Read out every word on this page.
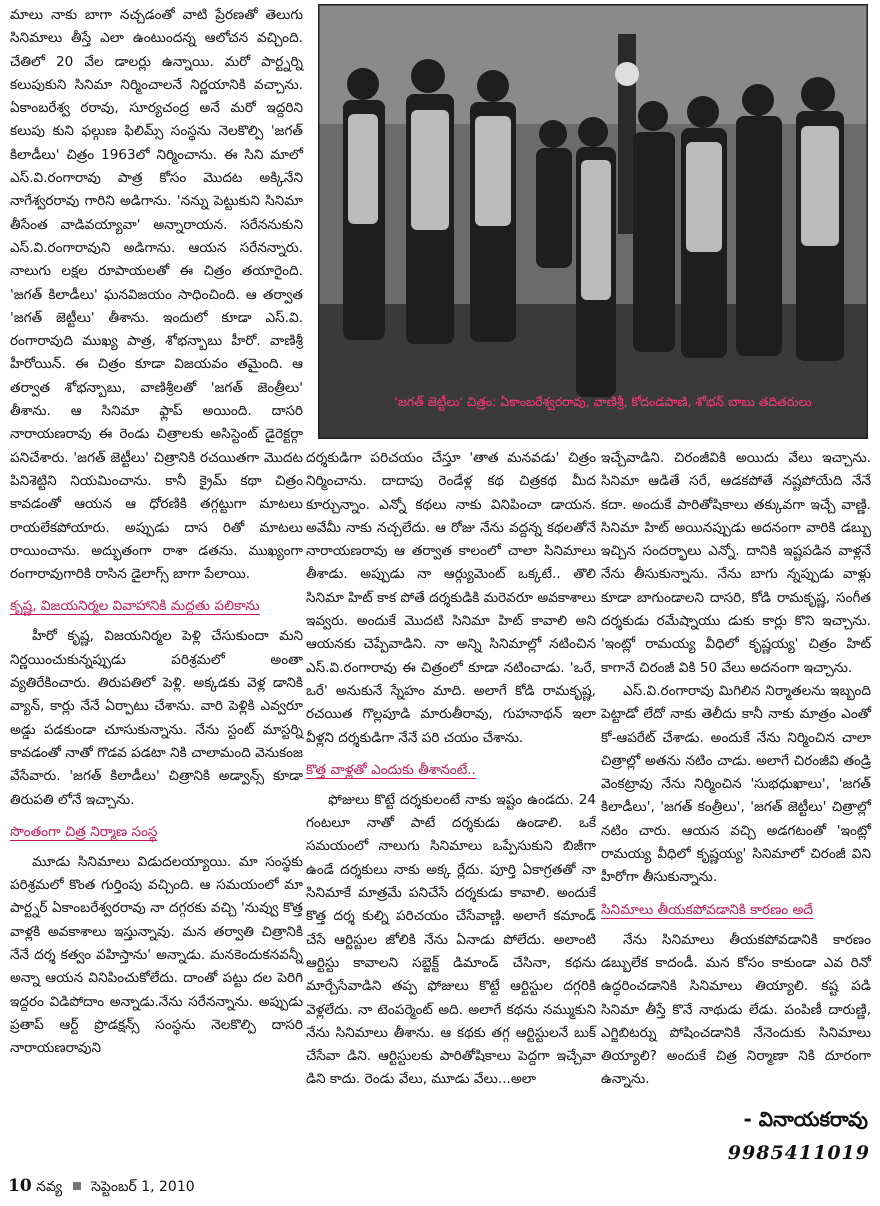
మాలు నాకు బాగా నచ్చడంతో వాటి ప్రేరణతో తెలుగు సినిమాలు తీస్తే ఎలా ఉంటుందన్న ఆలోచన వచ్చింది. చేతిలో 20 వేల డాలర్లు ఉన్నాయి. మరో పార్ట్నర్ని కలుపుకుని సినిమా నిర్మించాలనే నిర్ణయానికి వచ్చాను. ఏకాంబరేశ్వ రరావు, సూర్యచంద్ర అనే మరో ఇద్దరిని కలుపు కుని ఫల్గుణ ఫిలిమ్స్ సంస్థను నెలకొల్పి 'జగత్ కిలాడీలు' చిత్రం 1963లో నిర్మించాను. ఈ సిని మాలో ఎస్.వి.రంగారావు పాత్ర కోసం మొదట అక్కినేని నాగేశ్వరరావు గారిని అడిగాను. 'నన్ను పెట్టుకుని సినిమా తీసేంత వాడివయ్యావా' అన్నారాయన. సరేననుకుని ఎస్.వి.రంగారావుని అడిగాను. ఆయన సరేనన్నారు. నాలుగు లక్షల రూపాయలతో ఈ చిత్రం తయారైంది. 'జగత్ కిలాడీలు' ఘనవిజయం సాధించింది. ఆ తర్వాత 'జగత్ జెట్టీలు' తీశాను. ఇందులో కూడా ఎస్.వి. రంగారావుది ముఖ్య పాత్ర, శోభన్బాబు హీరో. వాణిశ్రీ హీరోయిన్. ఈ చిత్రం కూడా విజయవం తమైంది. ఆ తర్వాత శోభన్బాబు, వాణిశ్రీలతో 'జగత్ జెంత్రీలు' తీశాను. ఆ సినిమా ఫ్లాప్ అయింది. దాసరి నారాయణరావు ఈ రెండు చిత్రాలకు అసిస్టెంట్ డైరెక్టర్గా పనిచేశారు. 'జగత్ జెట్టీలు' చిత్రానికి రచయితగా మొదట పినిశెట్టిని నియమించాను. కానీ క్రైమ్ కథా చిత్రం కావడంతో ఆయన ఆ ధోరణికి తగ్గట్టుగా మాటలు రాయలేకపోయారు. అప్పుడు దాస రితో మాటలు రాయించాను. అద్భుతంగా రాశా డతను. ముఖ్యంగా రంగారావుగారికి రాసిన డైలాగ్స్ బాగా పేలాయి.

కృష్ణ, విజయనిర్మల వివాహానికి మద్దతు పలికాను

హీరో కృష్ణ, విజయనిర్మల పెళ్లి చేసుకుందా మని నిర్ణయించుకున్నప్పుడు పరిశ్రమలో అంతా వ్యతిరేకించారు. తిరుపతిలో పెళ్లి. అక్కడకు వెళ్ల డానికి వ్యాన్, కార్లు నేనే ఏర్పాటు చేశాను. వారి పెళ్లికి ఎవ్వరూ అడ్డు పడకుండా చూసుకున్నాను. నేను స్టంట్ మాస్టర్ని కావడంతో నాతో గొడవ పడటా నికి చాలామంది వెనుకంజ వేసేవారు. 'జగత్ కిలాడీలు' చిత్రానికి అడ్వాన్స్ కూడా తిరుపతి లోనే ఇచ్చాను.

సొంతంగా చిత్ర నిర్మాణ సంస్థ

మూడు సినిమాలు విడుదలయ్యాయి. మా సంస్థకు పరిశ్రమలో కొంత గుర్తింపు వచ్చింది. ఆ సమయంలో మా పార్ట్నర్ ఏకాంబరేశ్వరరావు నా దగ్గరకు వచ్చి 'నువ్వు కొత్త వాళ్లకి అవకాశాలు ఇస్తున్నావు. మన తర్వాతి చిత్రానికి నేనే దర్శ కత్వం వహిస్తాను' అన్నాడు. మనకెందుకనవన్నీ అన్నా ఆయన వినిపించుకోలేదు. దాంతో పట్టు దల పెరిగి ఇద్దరం విడిపోదాం అన్నాడు.నేను సరేనన్నాను. అప్పుడు ప్రతాప్ ఆర్ట్ ప్రొడక్షన్స్ సంస్థను నెలకొల్పి దాసరి నారాయణరావుని

'జగత్ జెట్టీలు' చిత్రం: ఏకాంబరేశ్వరరావు, వాణిశ్రీ, కోదండపాణి, శోభన్ బాబు తదితరులు

దర్శకుడిగా పరిచయం చేస్తూ 'తాత మనవడు' చిత్రం నిర్మించాను. దాదాపు రెండేళ్ల కథ చిత్రకథ మీద కూర్చున్నాం. ఎన్నో కథలు నాకు వినిపించా డాయన. అవేమీ నాకు నచ్చలేదు. ఆ రోజు నేను వద్దన్న కథలతోనే నారాయణరావు ఆ తర్వాత కాలంలో చాలా సినిమాలు తీశాడు. అప్పుడు నా ఆర్గ్యుమెంట్ ఒక్కటే.. తొలి సినిమా హిట్ కాక పోతే దర్శకుడికి మరెవరూ అవకాశాలు ఇవ్వరు. అందుకే మొదటి సినిమా హిట్ కావాలి అని ఆయనకు చెప్పేవాడిని. నా అన్ని సినిమాల్లో నటించిన ఎస్.వి.రంగారావు ఈ చిత్రంలో కూడా నటించాడు. 'ఒరే, ఒరే' అనుకునే స్నేహం మాది. అలాగే కోడి రామకృష్ణ, రచయిత గొల్లపూడి మారుతీరావు, గుహనాథన్ ఇలా వీళ్లని దర్శకుడిగా నేనే పరి చయం చేశాను.

కొత్త వాళ్లతో ఎందుకు తీశానంటే..

ఫోజులు కొట్టే దర్శకులంటే నాకు ఇష్టం ఉండదు. 24 గంటలూ నాతో పాటే దర్శకుడు ఉండాలి. ఒకే సమయంలో నాలుగు సినిమాలు ఒప్పేసుకుని బిజీగా ఉండే దర్శకులు నాకు అక్క ర్లేదు. పూర్తి ఏకాగ్రతతో నా సినిమాకే మాత్రమే పనిచేసే దర్శకుడు కావాలి. అందుకే కొత్త దర్శ కుల్ని పరిచయం చేసేవాణ్ణి. అలాగే కమాండ్ చేసే ఆర్టిస్టుల జోలికి నేను ఏనాడు పోలేదు. అలాంటి ఆర్టిస్టు కావాలని సబ్జెక్ట్ డిమాండ్ చేసినా, కథను మార్చేసేవాడిని తప్ప ఫోజులు కొట్టే ఆర్టిస్టుల దగ్గరికి వెళ్లలేదు. నా టెంపర్మెంట్ అది. అలాగే కథను నమ్ముకుని నేను సినిమాలు తీశాను. ఆ కథకు తగ్గ ఆర్టిస్టులనే బుక్ చేసేవా డిని. ఆర్టిస్టులకు పారితోషికాలు పెద్దగా ఇచ్చేవా డిని కాదు. రెండు వేలు, మూడు వేలు...అలా

ఇచ్చేవాడిని. చిరంజీవికి అయిదు వేలు ఇచ్చాను. సినిమా ఆడితే సరే, ఆడకపోతే నష్టపోయేది నేనే కదా. అందుకే పారితోషికాలు తక్కువగా ఇచ్చే వాణ్ణి. సినిమా హిట్ అయినప్పుడు అదనంగా వారికి డబ్బు ఇచ్చిన సందర్భాలు ఎన్నో. దానికి ఇష్టపడిన వాళ్లనే నేను తీసుకున్నాను. నేను బాగు న్నప్పుడు వాళ్లు కూడా బాగుండాలని దాసరి, కోడి రామకృష్ణ, సంగీత దర్శకుడు రమేష్నాయు డుకు కార్లు కొని ఇచ్చాను. 'ఇంట్లో రామయ్య వీధిలో కృష్ణయ్య' చిత్రం హిట్ కాగానే చిరంజీ వికి 50 వేలు అదనంగా ఇచ్చాను.

ఎస్.వి.రంగారావు మిగిలిన నిర్మాతలను ఇబ్బంది పెట్టాడో లేదో నాకు తెలీదు కానీ నాకు మాత్రం ఎంతో కో-ఆపరేట్ చేశాడు. అందుకే నేను నిర్మించిన చాలా చిత్రాల్లో అతను నటిం చాడు. అలాగే చిరంజీవి తండ్రి వెంకట్రావు నేను నిర్మించిన 'సుభధుఖాలు', 'జగత్ కిలాడీలు', 'జగత్ కంత్రీలు', 'జగత్ జెట్టీలు' చిత్రాల్లో నటిం చారు. ఆయన వచ్చి అడగటంతో 'ఇంట్లో రామయ్య వీధిలో కృష్ణయ్య' సినిమాలో చిరంజీ విని హీరోగా తీసుకున్నాను.

సినిమాలు తీయకపోవడానికి కారణం అదే

నేను సినిమాలు తీయకపోవడానికి కారణం డబ్బులేక కాదండీ. మన కోసం కాకుండా ఎవ రినో ఉద్ధరించడానికి సినిమాలు తియ్యాలి. కష్ట పడి సినిమా తీస్తే కొనే నాథుడు లేడు. పంపిణీ దారుణ్ణి, ఎగ్జిబిటర్ను పోషించడానికి నేనెందుకు సినిమాలు తియ్యాలి? అందుకే చిత్ర నిర్మాణా నికి దూరంగా ఉన్నాను.

- వినాయకరావు
9985411019
10 నవ్య సెప్టెంబర్ 1, 2010
